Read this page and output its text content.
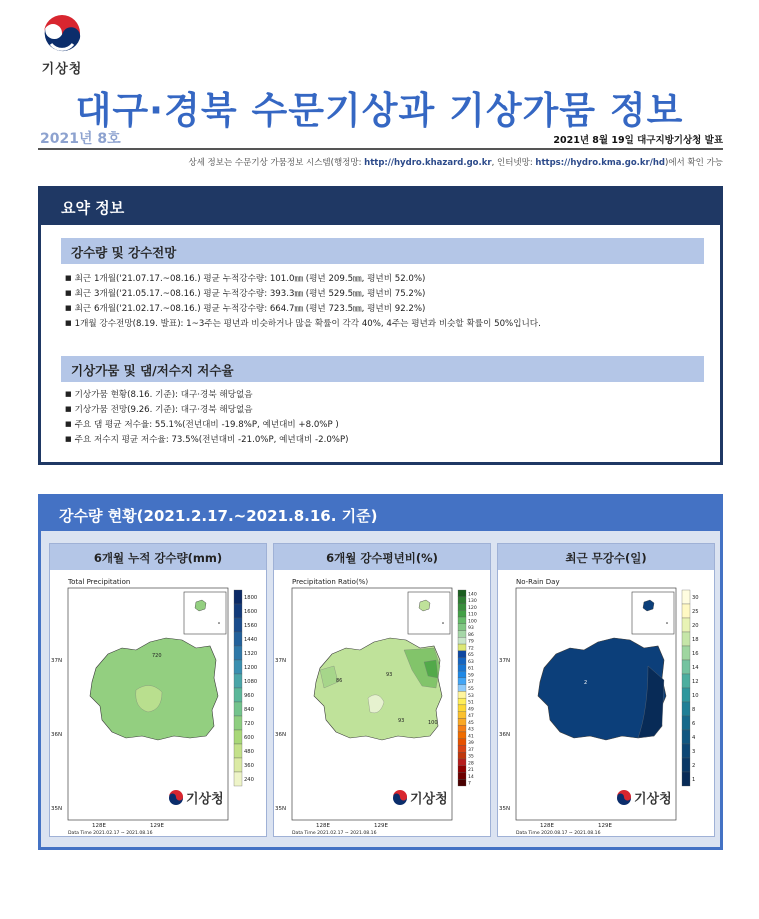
기상청
대구·경북 수문기상과 기상가뭄 정보
2021년 8호	2021년 8월 19일 대구지방기상청 발표
상세 정보는 수문기상 가뭄정보 시스템(행정망: http://hydro.khazard.go.kr, 인터넷망: https://hydro.kma.go.kr/hd)에서 확인 가능
요약 정보
강수량 및 강수전망
■ 최근 1개월('21.07.17.~08.16.) 평균 누적강수량: 101.0㎜ (평년 209.5㎜, 평년비 52.0%)
■ 최근 3개월('21.05.17.~08.16.) 평균 누적강수량: 393.3㎜ (평년 529.5㎜, 평년비 75.2%)
■ 최근 6개월('21.02.17.~08.16.) 평균 누적강수량: 664.7㎜ (평년 723.5㎜, 평년비 92.2%)
■ 1개월 강수전망(8.19. 발표): 1~3주는 평년과 비슷하거나 많을 확률이 각각 40%, 4주는 평년과 비슷할 확률이 50%입니다.
기상가뭄 및 댐/저수지 저수율
■ 기상가뭄 현황(8.16. 기준): 대구·경북 해당없음
■ 기상가뭄 전망(9.26. 기준): 대구·경북 해당없음
■ 주요 댐 평균 저수율: 55.1%(전년대비 -19.8%P, 예년대비 +8.0%P )
■ 주요 저수지 평균 저수율: 73.5%(전년대비 -21.0%P, 예년대비 -2.0%P)
강수량 현황(2021.2.17.~2021.8.16. 기준)
6개월 누적 강수량(mm)
Total Precipitation
720
37N
36N
35N
128E	129E
Data Time 2021.02.17 ~ 2021.08.16
기상청
1800
1600
1560
1440
1320
1200
1080
960
840
720
600
480
360
240
6개월 강수평년비(%)
Precipitation Ratio(%)
86
93
93	100
37N
36N
35N
128E	129E
Data Time 2021.02.17 ~ 2021.08.16
기상청
140
130
120
110
100
93
86
79
72
65
63
61
59
57
55
53
51
49
47
45
43
41
39
37
35
28
21
14
7
최근 무강수(일)
No-Rain Day
2
37N
36N
35N
128E	129E
Data Time 2020.08.17 ~ 2021.08.16
기상청
30
25
20
18
16
14
12
10
8
6
4
3
2
1
